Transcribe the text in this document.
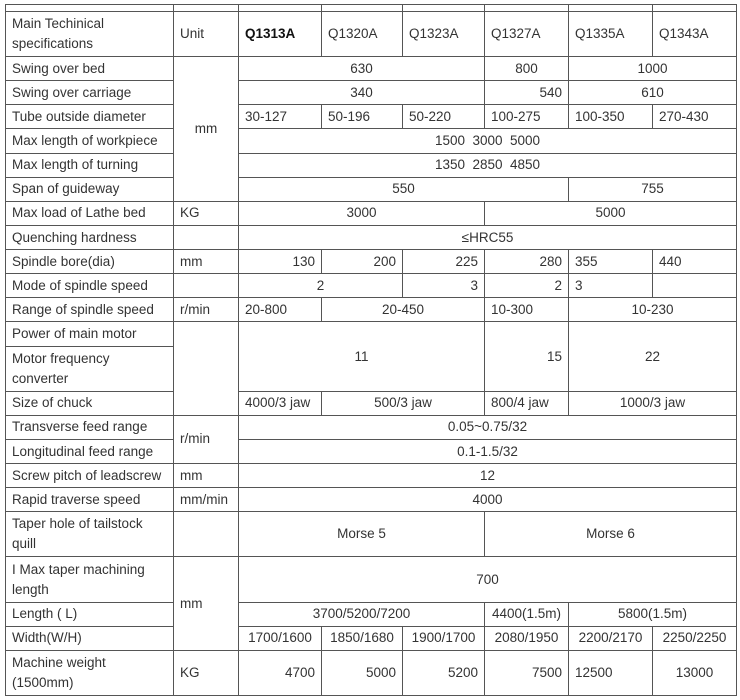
Main Techinical specifications	Unit	Q1313A	Q1320A	Q1323A	Q1327A	Q1335A	Q1343A
Swing over bed	mm	630			800	1000	
Swing over carriage		340			540	610	
Tube outside diameter		30-127	50-196	50-220	100-275	100-350	270-430
Max length of workpiece		1500  3000  5000					
Max length of turning		1350  2850  4850					
Span of guideway		550				755	
Max load of Lathe bed	KG	3000			5000		
Quenching hardness		≤HRC55					
Spindle bore(dia)	mm	130	200	225	280	355	440
Mode of spindle speed		2		3	2	3	
Range of spindle speed	r/min	20-800	20-450		10-300	10-230	
Power of main motor		11			15	22	
Motor frequency converter							
Size of chuck		4000/3 jaw	500/3 jaw		800/4 jaw	1000/3 jaw	
Transverse feed range	r/min	0.05~0.75/32					
Longitudinal feed range		0.1-1.5/32					
Screw pitch of leadscrew	mm	12					
Rapid traverse speed	mm/min	4000					
Taper hole of tailstock quill		Morse 5			Morse 6		
I Max taper machining length	mm	700					
Length ( L)		3700/5200/7200			4400(1.5m)	5800(1.5m)	
Width(W/H)		1700/1600	1850/1680	1900/1700	2080/1950	2200/2170	2250/2250
Machine weight (1500mm)	KG	4700	5000	5200	7500	12500	13000
